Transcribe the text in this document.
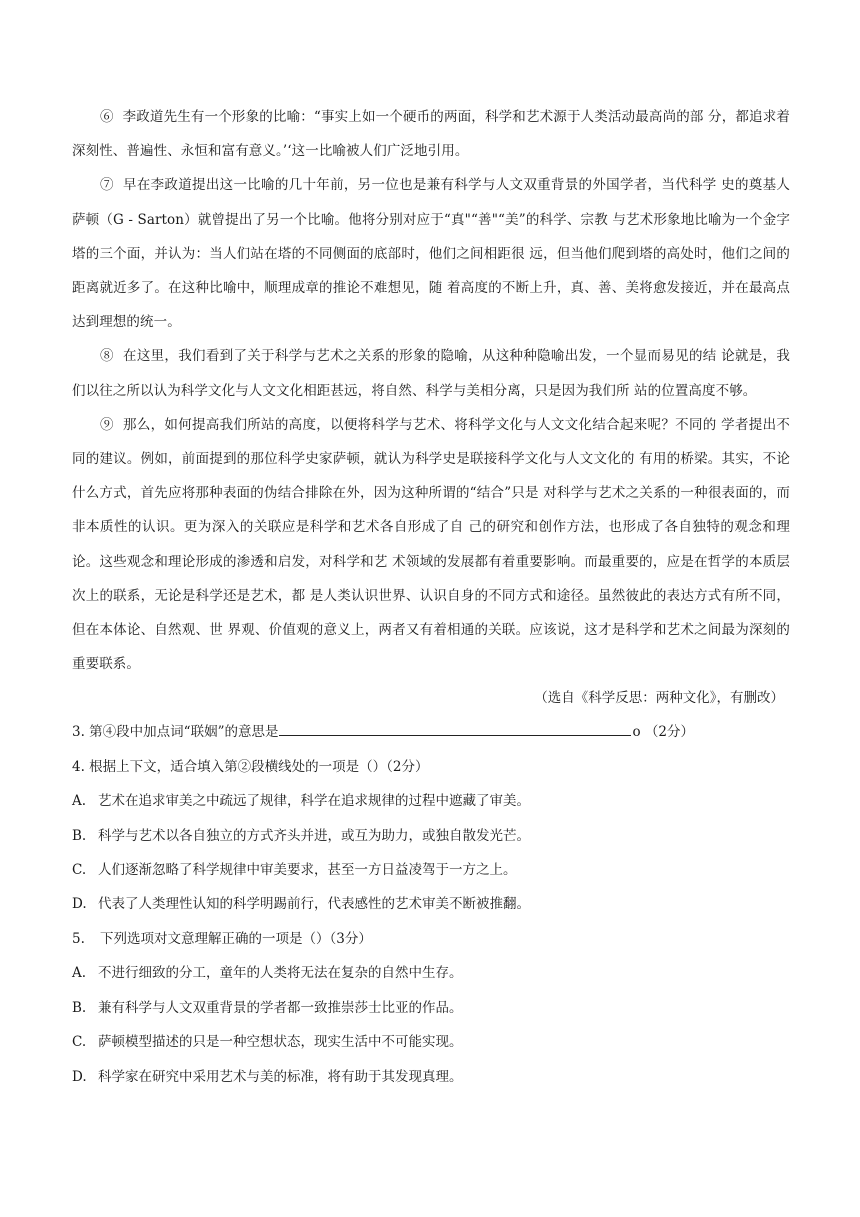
⑥ 李政道先生有一个形象的比喻：“事实上如一个硬币的两面，科学和艺术源于人类活动最高尚的部 分，都追求着深刻性、普遍性、永恒和富有意义。’‘这一比喻被人们广泛地引用。

⑦ 早在李政道提出这一比喻的几十年前，另一位也是兼有科学与人文双重背景的外国学者，当代科学 史的奠基人萨顿（G - Sarton）就曾提出了另一个比喻。他将分别对应于“真"“善"“美”的科学、宗教 与艺术形象地比喻为一个金字塔的三个面，并认为：当人们站在塔的不同侧面的底部时，他们之间相距很 远，但当他们爬到塔的高处时，他们之间的距离就近多了。在这种比喻中，顺理成章的推论不难想见，随 着高度的不断上升，真、善、美将愈发接近，并在最高点达到理想的统一。

⑧ 在这里，我们看到了关于科学与艺术之关系的形象的隐喻，从这种种隐喻出发，一个显而易见的结 论就是，我们以往之所以认为科学文化与人文文化相距甚远，将自然、科学与美相分离，只是因为我们所 站的位置高度不够。

⑨ 那么，如何提高我们所站的高度，以便将科学与艺术、将科学文化与人文文化结合起来呢？不同的 学者提出不同的建议。例如，前面提到的那位科学史家萨顿，就认为科学史是联接科学文化与人文文化的 有用的桥梁。其实，不论什么方式，首先应将那种表面的伪结合排除在外，因为这种所谓的“结合”只是 对科学与艺术之关系的一种很表面的，而非本质性的认识。更为深入的关联应是科学和艺术各自形成了自 己的研究和创作方法，也形成了各自独特的观念和理论。这些观念和理论形成的渗透和启发，对科学和艺 术领域的发展都有着重要影响。而最重要的，应是在哲学的本质层次上的联系，无论是科学还是艺术，都 是人类认识世界、认识自身的不同方式和途径。虽然彼此的表达方式有所不同，但在本体论、自然观、世 界观、价值观的意义上，两者又有着相通的关联。应该说，这才是科学和艺术之间最为深刻的重要联系。

（选自《科学反思：两种文化》，有删改）

3. 第④段中加点词“联姻”的意思是	o （2分）

4. 根据上下文，适合填入第②段横线处的一项是（）（2分）

A. 艺术在追求审美之中疏远了规律，科学在追求规律的过程中遮藏了审美。

B. 科学与艺术以各自独立的方式齐头并进，或互为助力，或独自散发光芒。

C. 人们逐渐忽略了科学规律中审美要求，甚至一方日益凌驾于一方之上。

D. 代表了人类理性认知的科学明踢前行，代表感性的艺术审美不断被推翻。

5. 下列选项对文意理解正确的一项是（）（3分）

A. 不进行细致的分工，童年的人类将无法在复杂的自然中生存。

B. 兼有科学与人文双重背景的学者都一致推崇莎士比亚的作品。

C. 萨顿模型描述的只是一种空想状态，现实生活中不可能实现。

D. 科学家在研究中采用艺术与美的标准，将有助于其发现真理。
